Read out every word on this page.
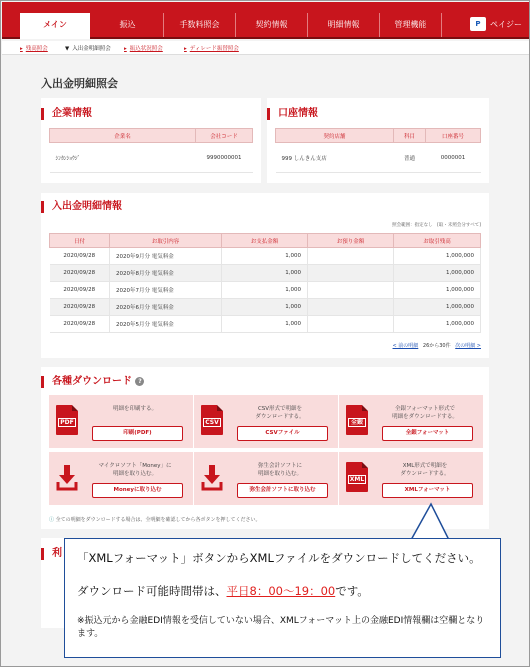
メイン	振込	手数料照会	契約情報	明細情報	管理機能	P	ペイジー
▸ 残高照会	▼ 入出金明細照会 ▸ 振込状況照会	▸ ディレード振替照会
入出金明細照会
企業情報
企業名	会社コード
ｼﾝｶﾝｼｮｳｼﾞ	9990000001
口座情報
契約店舗	科目	口座番号
999 しんきん支店	普通	0000001
入出金明細情報
照会範囲：指定なし　[取・未照会分すべて]
日付	お取引内容	お支払金額	お預り金額	お取引残高
2020/09/28	2020年9月分 電気料金	1,000		1,000,000
2020/09/28	2020年8月分 電気料金	1,000		1,000,000
2020/09/28	2020年7月分 電気料金	1,000		1,000,000
2020/09/28	2020年6月分 電気料金	1,000		1,000,000
2020/09/28	2020年5月分 電気料金	1,000		1,000,000
< 前の明細 26から30件 次の明細 >
各種ダウンロード ?
PDF
明細を印刷する。
印刷(PDF)
CSV
CSV形式で明細を
ダウンロードする。
CSVファイル
全銀
全銀フォーマット形式で
明細をダウンロードする。
全銀フォーマット
マイクロソフト「Money」に
明細を取り込む。
Moneyに取り込む
弥生会計ソフトに
明細を取り込む。
弥生会計ソフトに取り込む
XML
XML形式で明細を
ダウンロードする。
XMLフォーマット
ⓘ 全ての明細をダウンロードする場合は、全明細を確認してから各ボタンを押してください。
利 「XMLフォーマット」ボタンからXMLファイルをダウンロードしてください。
ダウンロード可能時間帯は、平日8：00～19：00です。
※振込元から金融EDI情報を受信していない場合、XMLフォーマット上の金融EDI情報欄は空欄となります。
